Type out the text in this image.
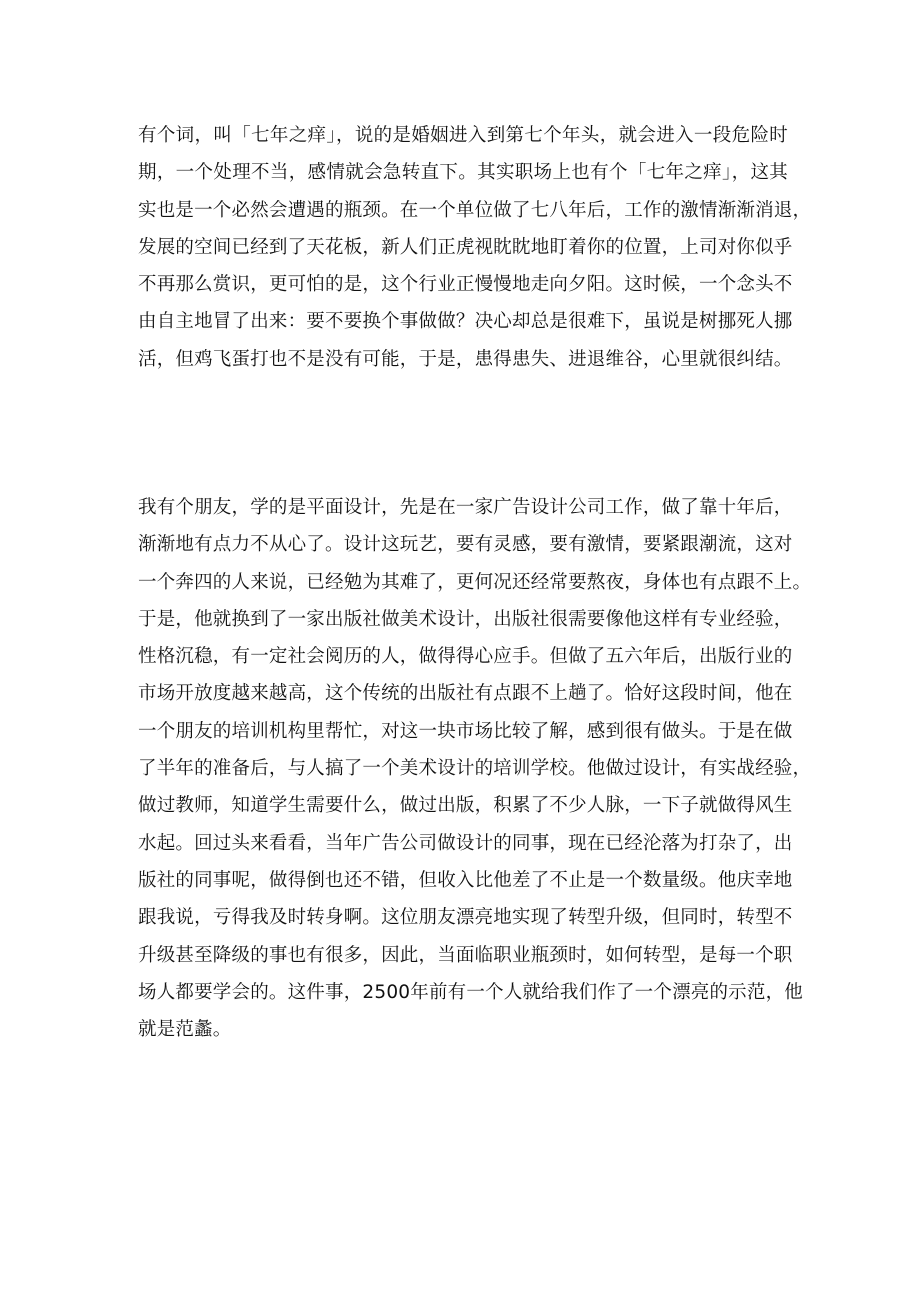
有个词，叫「七年之痒」，说的是婚姻进入到第七个年头，就会进入一段危险时
期，一个处理不当，感情就会急转直下。其实职场上也有个「七年之痒」，这其
实也是一个必然会遭遇的瓶颈。在一个单位做了七八年后，工作的激情渐渐消退，
发展的空间已经到了天花板，新人们正虎视眈眈地盯着你的位置，上司对你似乎
不再那么赏识，更可怕的是，这个行业正慢慢地走向夕阳。这时候，一个念头不
由自主地冒了出来：要不要换个事做做？决心却总是很难下，虽说是树挪死人挪
活，但鸡飞蛋打也不是没有可能，于是，患得患失、进退维谷，心里就很纠结。

我有个朋友，学的是平面设计，先是在一家广告设计公司工作，做了靠十年后，
渐渐地有点力不从心了。设计这玩艺，要有灵感，要有激情，要紧跟潮流，这对
一个奔四的人来说，已经勉为其难了，更何况还经常要熬夜，身体也有点跟不上。
于是，他就换到了一家出版社做美术设计，出版社很需要像他这样有专业经验，
性格沉稳，有一定社会阅历的人，做得得心应手。但做了五六年后，出版行业的
市场开放度越来越高，这个传统的出版社有点跟不上趟了。恰好这段时间，他在
一个朋友的培训机构里帮忙，对这一块市场比较了解，感到很有做头。于是在做
了半年的准备后，与人搞了一个美术设计的培训学校。他做过设计，有实战经验，
做过教师，知道学生需要什么，做过出版，积累了不少人脉，一下子就做得风生
水起。回过头来看看，当年广告公司做设计的同事，现在已经沦落为打杂了，出
版社的同事呢，做得倒也还不错，但收入比他差了不止是一个数量级。他庆幸地
跟我说，亏得我及时转身啊。这位朋友漂亮地实现了转型升级，但同时，转型不
升级甚至降级的事也有很多，因此，当面临职业瓶颈时，如何转型，是每一个职
场人都要学会的。这件事，2500年前有一个人就给我们作了一个漂亮的示范，他
就是范蠡。
